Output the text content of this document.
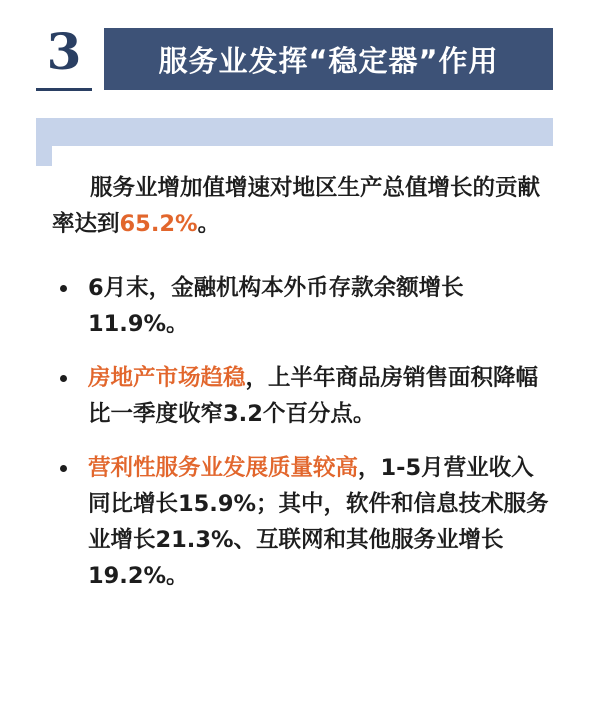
3	服务业发挥“稳定器”作用

服务业增加值增速对地区生产总值增长的贡献率达到65.2%。

6月末，金融机构本外币存款余额增长11.9%。
房地产市场趋稳，上半年商品房销售面积降幅比一季度收窄3.2个百分点。
营利性服务业发展质量较高，1-5月营业收入同比增长15.9%；其中，软件和信息技术服务业增长21.3%、互联网和其他服务业增长19.2%。
